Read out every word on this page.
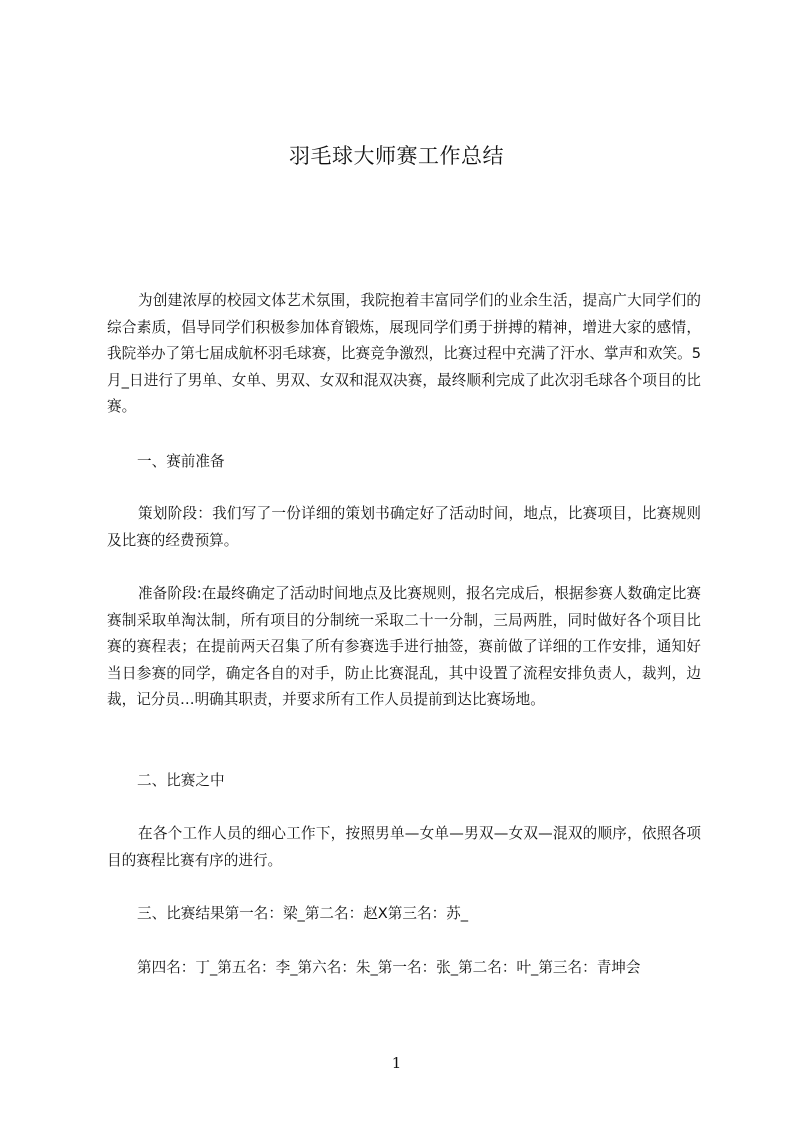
羽毛球大师赛工作总结

为创建浓厚的校园文体艺术氛围，我院抱着丰富同学们的业余生活，提高广大同学们的综合素质，倡导同学们积极参加体育锻炼，展现同学们勇于拼搏的精神，增进大家的感情，我院举办了第七届成航杯羽毛球赛，比赛竞争激烈，比赛过程中充满了汗水、掌声和欢笑。5月_日进行了男单、女单、男双、女双和混双决赛，最终顺利完成了此次羽毛球各个项目的比赛。

一、赛前准备

策划阶段：我们写了一份详细的策划书确定好了活动时间，地点，比赛项目，比赛规则及比赛的经费预算。

准备阶段:在最终确定了活动时间地点及比赛规则，报名完成后，根据参赛人数确定比赛赛制采取单淘汰制，所有项目的分制统一采取二十一分制，三局两胜，同时做好各个项目比赛的赛程表；在提前两天召集了所有参赛选手进行抽签，赛前做了详细的工作安排，通知好当日参赛的同学，确定各自的对手，防止比赛混乱，其中设置了流程安排负责人，裁判，边裁，记分员…明确其职责，并要求所有工作人员提前到达比赛场地。

二、比赛之中

在各个工作人员的细心工作下，按照男单—女单—男双—女双—混双的顺序，依照各项目的赛程比赛有序的进行。

三、比赛结果第一名：梁_第二名：赵X第三名：苏_

第四名：丁_第五名：李_第六名：朱_第一名：张_第二名：叶_第三名：青坤会

1
